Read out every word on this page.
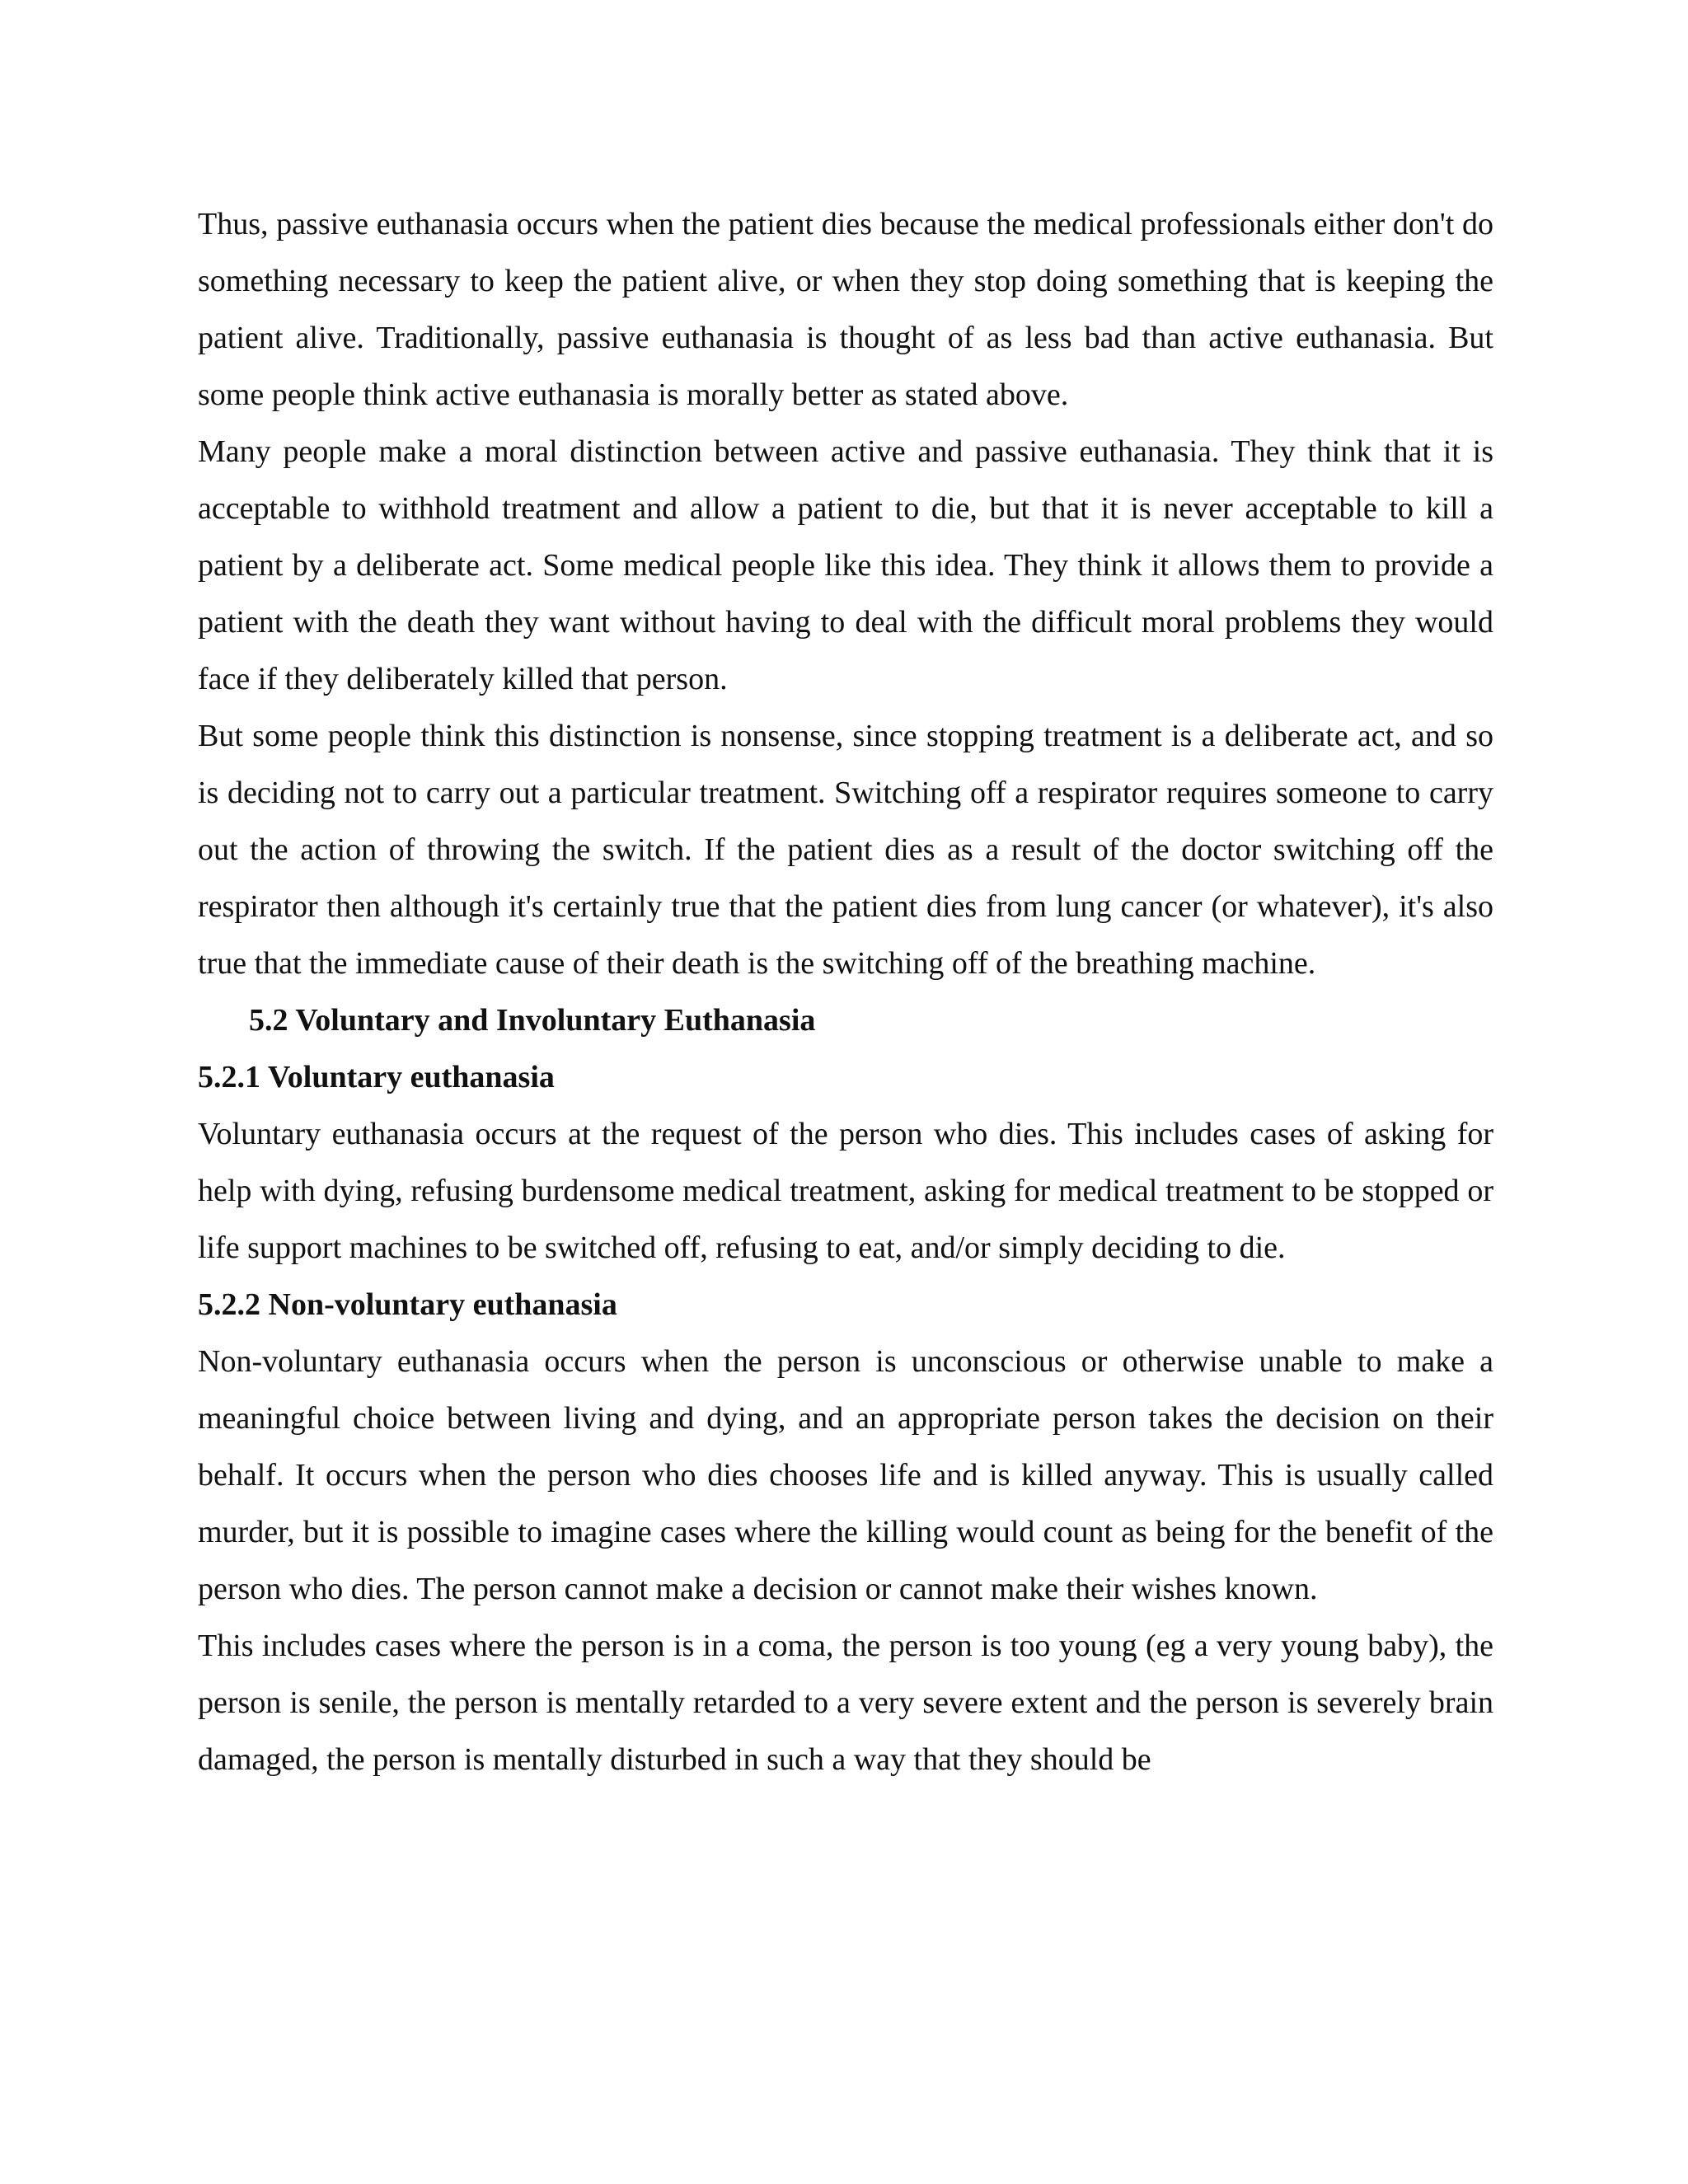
Thus, passive euthanasia occurs when the patient dies because the medical professionals either don't do something necessary to keep the patient alive, or when they stop doing something that is keeping the patient alive. Traditionally, passive euthanasia is thought of as less bad than active euthanasia. But some people think active euthanasia is morally better as stated above.

Many people make a moral distinction between active and passive euthanasia. They think that it is acceptable to withhold treatment and allow a patient to die, but that it is never acceptable to kill a patient by a deliberate act. Some medical people like this idea. They think it allows them to provide a patient with the death they want without having to deal with the difficult moral problems they would face if they deliberately killed that person.

But some people think this distinction is nonsense, since stopping treatment is a deliberate act, and so is deciding not to carry out a particular treatment. Switching off a respirator requires someone to carry out the action of throwing the switch. If the patient dies as a result of the doctor switching off the respirator then although it's certainly true that the patient dies from lung cancer (or whatever), it's also true that the immediate cause of their death is the switching off of the breathing machine.

5.2 Voluntary and Involuntary Euthanasia
5.2.1 Voluntary euthanasia

Voluntary euthanasia occurs at the request of the person who dies. This includes cases of asking for help with dying, refusing burdensome medical treatment, asking for medical treatment to be stopped or life support machines to be switched off, refusing to eat, and/or simply deciding to die.

5.2.2 Non-voluntary euthanasia

Non-voluntary euthanasia occurs when the person is unconscious or otherwise unable to make a meaningful choice between living and dying, and an appropriate person takes the decision on their behalf. It occurs when the person who dies chooses life and is killed anyway. This is usually called murder, but it is possible to imagine cases where the killing would count as being for the benefit of the person who dies. The person cannot make a decision or cannot make their wishes known.

This includes cases where the person is in a coma, the person is too young (eg a very young baby), the person is senile, the person is mentally retarded to a very severe extent and the person is severely brain damaged, the person is mentally disturbed in such a way that they should be
